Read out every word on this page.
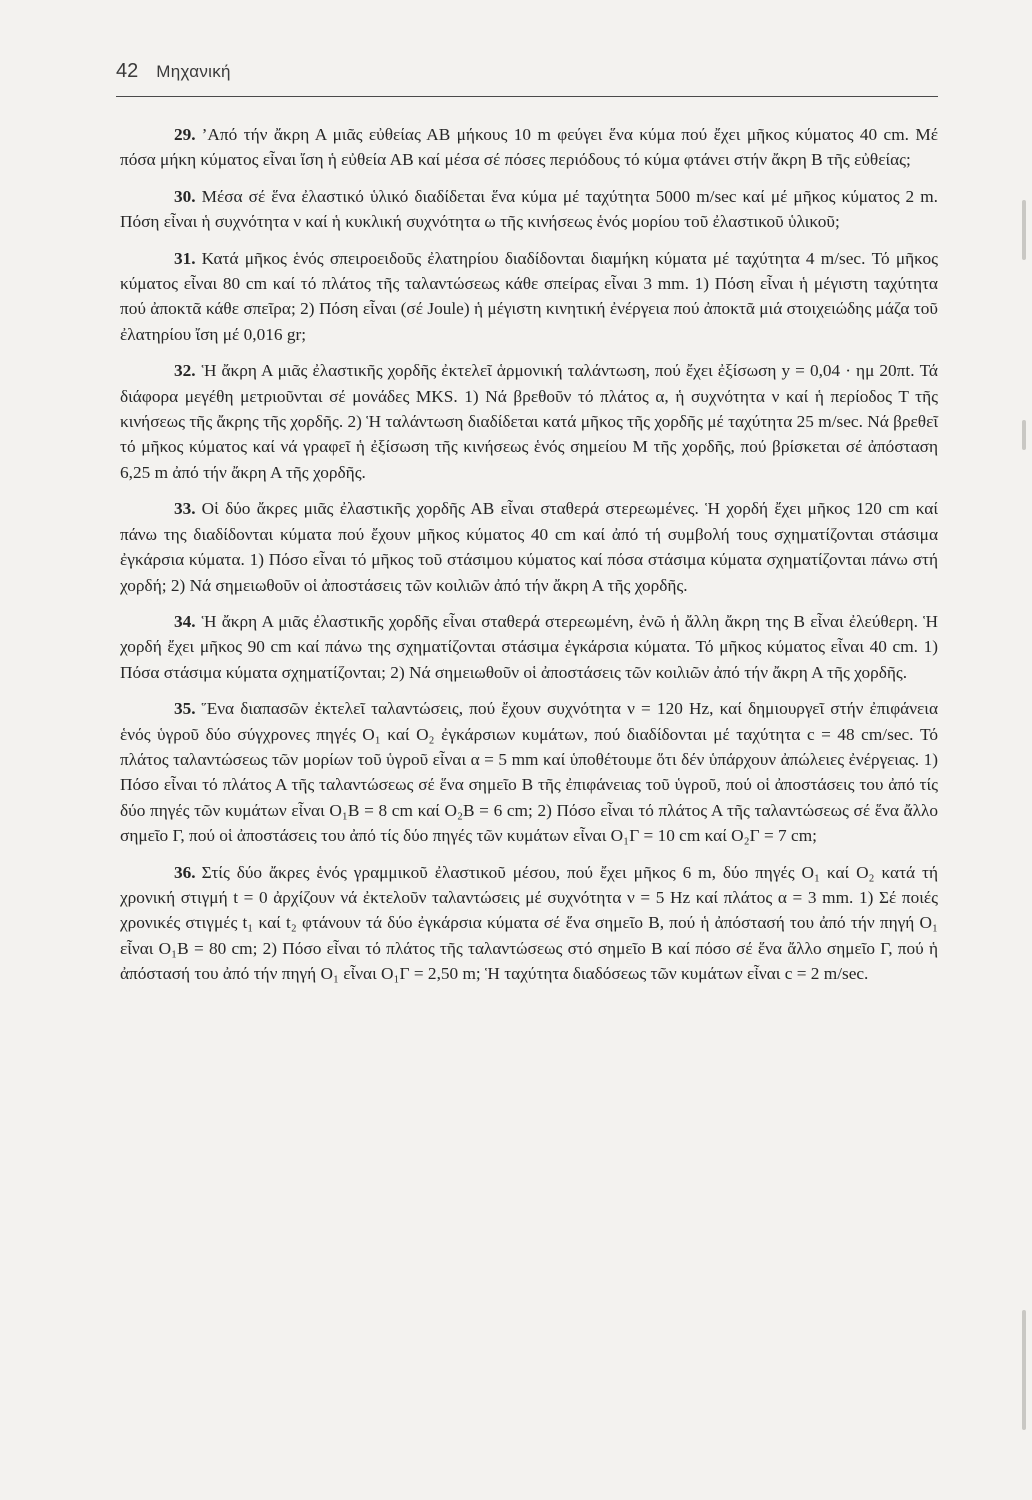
42 Μηχανική

29. ’Από τήν ἄκρη Α μιᾶς εὐθείας ΑΒ μήκους 10 m φεύγει ἕνα κύμα πού ἔχει μῆκος κύματος 40 cm. Μέ πόσα μήκη κύματος εἶναι ἴση ἡ εὐθεία ΑΒ καί μέσα σέ πόσες περιόδους τό κύμα φτάνει στήν ἄκρη Β τῆς εὐθείας;

30. Μέσα σέ ἕνα ἐλαστικό ὑλικό διαδίδεται ἕνα κύμα μέ ταχύτητα 5000 m/sec καί μέ μῆκος κύματος 2 m. Πόση εἶναι ἡ συχνότητα ν καί ἡ κυκλική συχνότητα ω τῆς κινήσεως ἑνός μορίου τοῦ ἐλαστικοῦ ὑλικοῦ;

31. Κατά μῆκος ἑνός σπειροειδοῦς ἐλατηρίου διαδίδονται διαμήκη κύματα μέ ταχύτητα 4 m/sec. Τό μῆκος κύματος εἶναι 80 cm καί τό πλάτος τῆς ταλαντώσεως κάθε σπείρας εἶναι 3 mm. 1) Πόση εἶναι ἡ μέγιστη ταχύτητα πού ἀποκτᾶ κάθε σπεῖρα; 2) Πόση εἶναι (σέ Joule) ἡ μέγιστη κινητική ἐνέργεια πού ἀποκτᾶ μιά στοιχειώδης μάζα τοῦ ἐλατηρίου ἴση μέ 0,016 gr;

32. Ἡ ἄκρη Α μιᾶς ἐλαστικῆς χορδῆς ἐκτελεῖ ἁρμονική ταλάντωση, πού ἔχει ἐξίσωση y = 0,04 · ημ 20πt. Τά διάφορα μεγέθη μετριοῦνται σέ μονάδες MKS. 1) Νά βρεθοῦν τό πλάτος α, ἡ συχνότητα ν καί ἡ περίοδος Τ τῆς κινήσεως τῆς ἄκρης τῆς χορδῆς. 2) Ἡ ταλάντωση διαδίδεται κατά μῆκος τῆς χορδῆς μέ ταχύτητα 25 m/sec. Νά βρεθεῖ τό μῆκος κύματος καί νά γραφεῖ ἡ ἐξίσωση τῆς κινήσεως ἑνός σημείου Μ τῆς χορδῆς, πού βρίσκεται σέ ἀπόσταση 6,25 m ἀπό τήν ἄκρη Α τῆς χορδῆς.

33. Οἱ δύο ἄκρες μιᾶς ἐλαστικῆς χορδῆς ΑΒ εἶναι σταθερά στερεωμένες. Ἡ χορδή ἔχει μῆκος 120 cm καί πάνω της διαδίδονται κύματα πού ἔχουν μῆκος κύματος 40 cm καί ἀπό τή συμβολή τους σχηματίζονται στάσιμα ἐγκάρσια κύματα. 1) Πόσο εἶναι τό μῆκος τοῦ στάσιμου κύματος καί πόσα στάσιμα κύματα σχηματίζονται πάνω στή χορδή; 2) Νά σημειωθοῦν οἱ ἀποστάσεις τῶν κοιλιῶν ἀπό τήν ἄκρη Α τῆς χορδῆς.

34. Ἡ ἄκρη Α μιᾶς ἐλαστικῆς χορδῆς εἶναι σταθερά στερεωμένη, ἐνῶ ἡ ἄλλη ἄκρη της Β εἶναι ἐλεύθερη. Ἡ χορδή ἔχει μῆκος 90 cm καί πάνω της σχηματίζονται στάσιμα ἐγκάρσια κύματα. Τό μῆκος κύματος εἶναι 40 cm. 1) Πόσα στάσιμα κύματα σχηματίζονται; 2) Νά σημειωθοῦν οἱ ἀποστάσεις τῶν κοιλιῶν ἀπό τήν ἄκρη Α τῆς χορδῆς.

35. Ἕνα διαπασῶν ἐκτελεῖ ταλαντώσεις, πού ἔχουν συχνότητα ν = 120 Hz, καί δημιουργεῖ στήν ἐπιφάνεια ἑνός ὑγροῦ δύο σύγχρονες πηγές O₁ καί O₂ ἐγκάρσιων κυμάτων, πού διαδίδονται μέ ταχύτητα c = 48 cm/sec. Τό πλάτος ταλαντώσεως τῶν μορίων τοῦ ὑγροῦ εἶναι α = 5 mm καί ὑποθέτουμε ὅτι δέν ὑπάρχουν ἀπώλειες ἐνέργειας. 1) Πόσο εἶναι τό πλάτος Α τῆς ταλαντώσεως σέ ἕνα σημεῖο Β τῆς ἐπιφάνειας τοῦ ὑγροῦ, πού οἱ ἀποστάσεις του ἀπό τίς δύο πηγές τῶν κυμάτων εἶναι O₁B = 8 cm καί O₂B = 6 cm; 2) Πόσο εἶναι τό πλάτος Α τῆς ταλαντώσεως σέ ἕνα ἄλλο σημεῖο Γ, πού οἱ ἀποστάσεις του ἀπό τίς δύο πηγές τῶν κυμάτων εἶναι O₁Γ = 10 cm καί O₂Γ = 7 cm;

36. Στίς δύο ἄκρες ἑνός γραμμικοῦ ἐλαστικοῦ μέσου, πού ἔχει μῆκος 6 m, δύο πηγές O₁ καί O₂ κατά τή χρονική στιγμή t = 0 ἀρχίζουν νά ἐκτελοῦν ταλαντώσεις μέ συχνότητα ν = 5 Hz καί πλάτος α = 3 mm. 1) Σέ ποιές χρονικές στιγμές t₁ καί t₂ φτάνουν τά δύο ἐγκάρσια κύματα σέ ἕνα σημεῖο Β, πού ἡ ἀπόστασή του ἀπό τήν πηγή O₁ εἶναι O₁B = 80 cm; 2) Πόσο εἶναι τό πλάτος τῆς ταλαντώσεως στό σημεῖο Β καί πόσο σέ ἕνα ἄλλο σημεῖο Γ, πού ἡ ἀπόστασή του ἀπό τήν πηγή O₁ εἶναι O₁Γ = 2,50 m; Ἡ ταχύτητα διαδόσεως τῶν κυμάτων εἶναι c = 2 m/sec.
